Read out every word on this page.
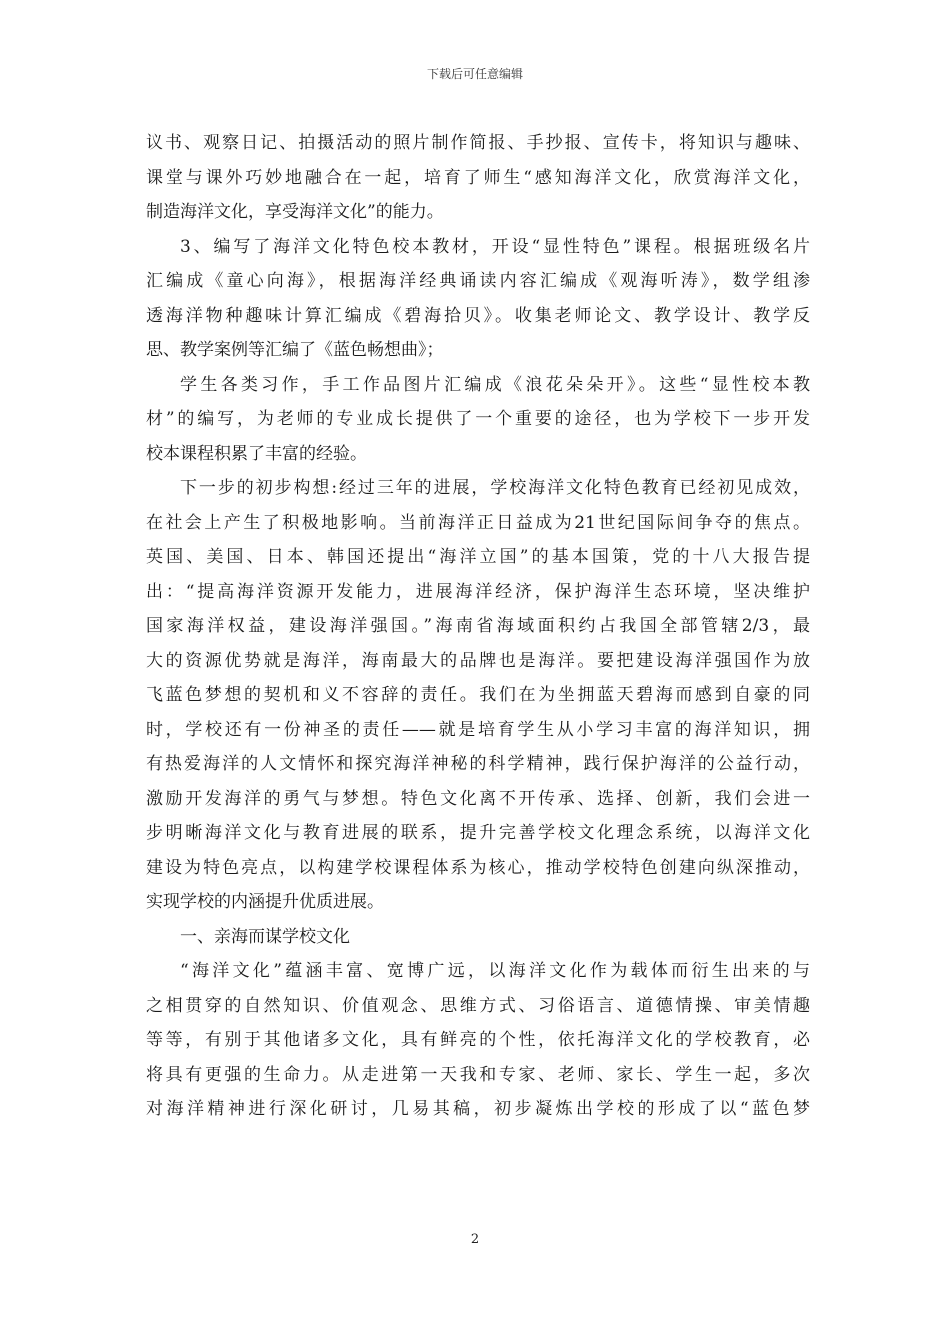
下载后可任意编辑
议书、观察日记、拍摄活动的照片制作简报、手抄报、宣传卡，将知识与趣味、
课堂与课外巧妙地融合在一起，培育了师生“感知海洋文化，欣赏海洋文化，
制造海洋文化，享受海洋文化”的能力。
3、编写了海洋文化特色校本教材，开设“显性特色”课程。根据班级名片
汇编成《童心向海》，根据海洋经典诵读内容汇编成《观海听涛》，数学组渗
透海洋物种趣味计算汇编成《碧海拾贝》。收集老师论文、教学设计、教学反
思、教学案例等汇编了《蓝色畅想曲》；
学生各类习作，手工作品图片汇编成《浪花朵朵开》。这些“显性校本教
材”的编写，为老师的专业成长提供了一个重要的途径，也为学校下一步开发
校本课程积累了丰富的经验。
下一步的初步构想:经过三年的进展，学校海洋文化特色教育已经初见成效，
在社会上产生了积极地影响。当前海洋正日益成为21世纪国际间争夺的焦点。
英国、美国、日本、韩国还提出“海洋立国”的基本国策，党的十八大报告提
出：“提高海洋资源开发能力，进展海洋经济，保护海洋生态环境，坚决维护
国家海洋权益，建设海洋强国。”海南省海域面积约占我国全部管辖2/3，最
大的资源优势就是海洋，海南最大的品牌也是海洋。要把建设海洋强国作为放
飞蓝色梦想的契机和义不容辞的责任。我们在为坐拥蓝天碧海而感到自豪的同
时，学校还有一份神圣的责任——就是培育学生从小学习丰富的海洋知识，拥
有热爱海洋的人文情怀和探究海洋神秘的科学精神，践行保护海洋的公益行动，
激励开发海洋的勇气与梦想。特色文化离不开传承、选择、创新，我们会进一
步明晰海洋文化与教育进展的联系，提升完善学校文化理念系统，以海洋文化
建设为特色亮点，以构建学校课程体系为核心，推动学校特色创建向纵深推动，
实现学校的内涵提升优质进展。
一、亲海而谋学校文化
“海洋文化”蕴涵丰富、宽博广远，以海洋文化作为载体而衍生出来的与
之相贯穿的自然知识、价值观念、思维方式、习俗语言、道德情操、审美情趣
等等，有别于其他诸多文化，具有鲜亮的个性，依托海洋文化的学校教育，必
将具有更强的生命力。从走进第一天我和专家、老师、家长、学生一起，多次
对海洋精神进行深化研讨，几易其稿，初步凝炼出学校的形成了以“蓝色梦
2
